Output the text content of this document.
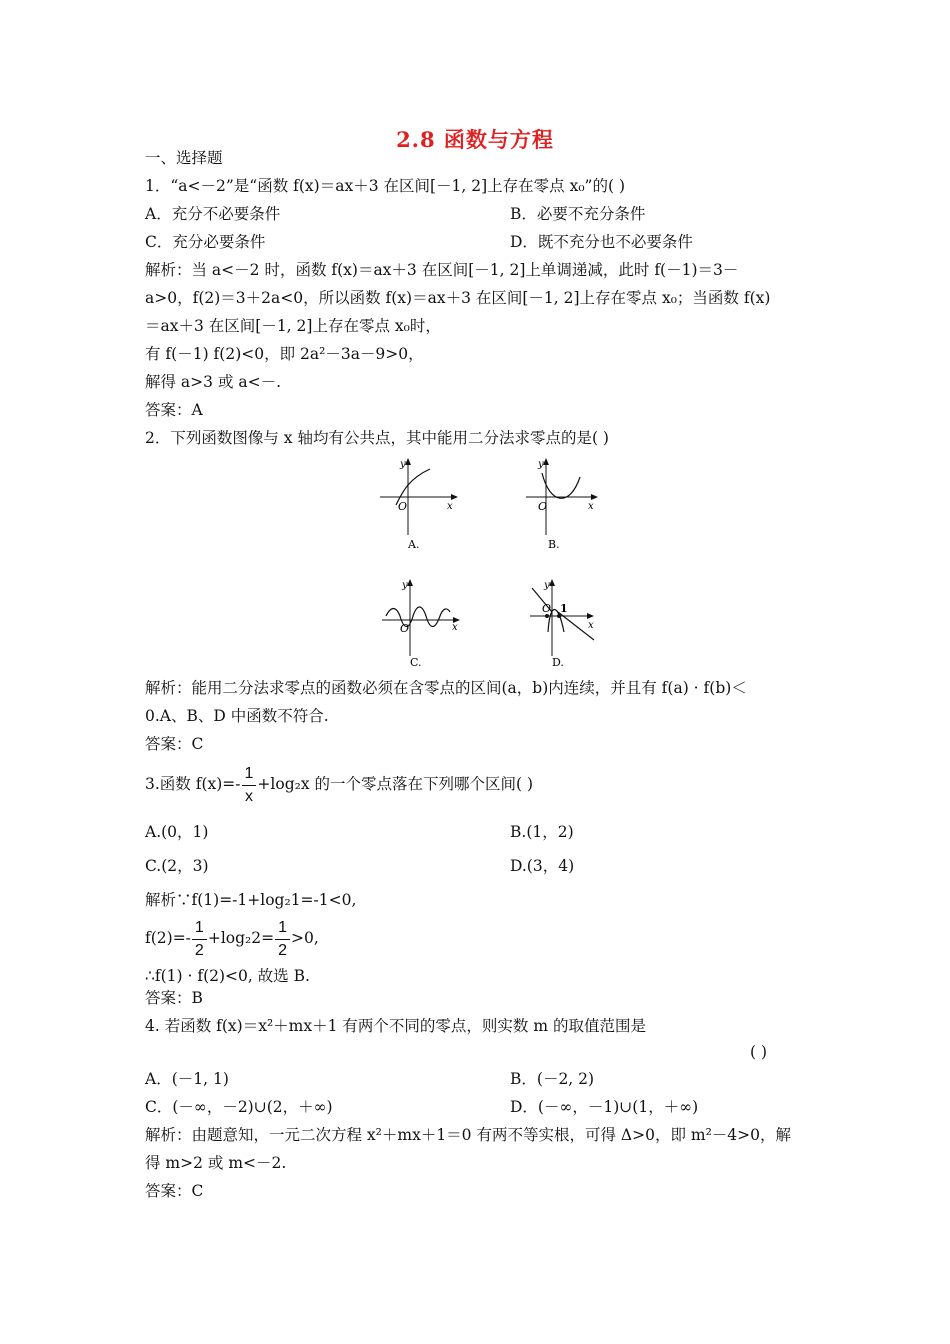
2.8 函数与方程
一、选择题
1．“a<－2”是“函数 f(x)＝ax＋3 在区间[－1, 2]上存在零点 x₀”的( )
A．充分不必要条件	B．必要不充分条件
C．充分必要条件	D．既不充分也不必要条件
解析：当 a<－2 时，函数 f(x)＝ax＋3 在区间[－1, 2]上单调递减，此时 f(－1)＝3－
a>0，f(2)＝3＋2a<0，所以函数 f(x)＝ax＋3 在区间[－1, 2]上存在零点 x₀；当函数 f(x)
＝ax＋3 在区间[－1, 2]上存在零点 x₀时，
有 f(－1) f(2)<0，即 2a²－3a－9>0，
解得 a>3 或 a<－.
答案：A
2．下列函数图像与 x 轴均有公共点，其中能用二分法求零点的是( )
y
x
O
A.
y
x
O
B.
y
x
O
C.
y
x
O 1
D.
解析：能用二分法求零点的函数必须在含零点的区间(a，b)内连续，并且有 f(a) · f(b)＜
0.A、B、D 中函数不符合.
答案：C
3.函数 $f(x)=- \frac{1}{x} +\log_2x$ 的一个零点落在下列哪个区间( )
A.(0，1)	B.(1，2)
C.(2，3)	D.(3，4)
解析∵f(1)=-1+log₂1=-1<0,
$f(2)=- \frac{1}{2} +\log_22= \frac{1}{2} >0$,
∴f(1) · f(2)<0, 故选 B.
答案：B
4. 若函数 f(x)＝x²＋mx＋1 有两个不同的零点，则实数 m 的取值范围是
( )
A．(－1, 1)	B．(－2, 2)
C．(－∞，－2)∪(2，＋∞)	D．(－∞，－1)∪(1，＋∞)
解析：由题意知，一元二次方程 x²＋mx＋1＝0 有两不等实根，可得 Δ>0，即 m²－4>0，解
得 m>2 或 m<－2.
答案：C
